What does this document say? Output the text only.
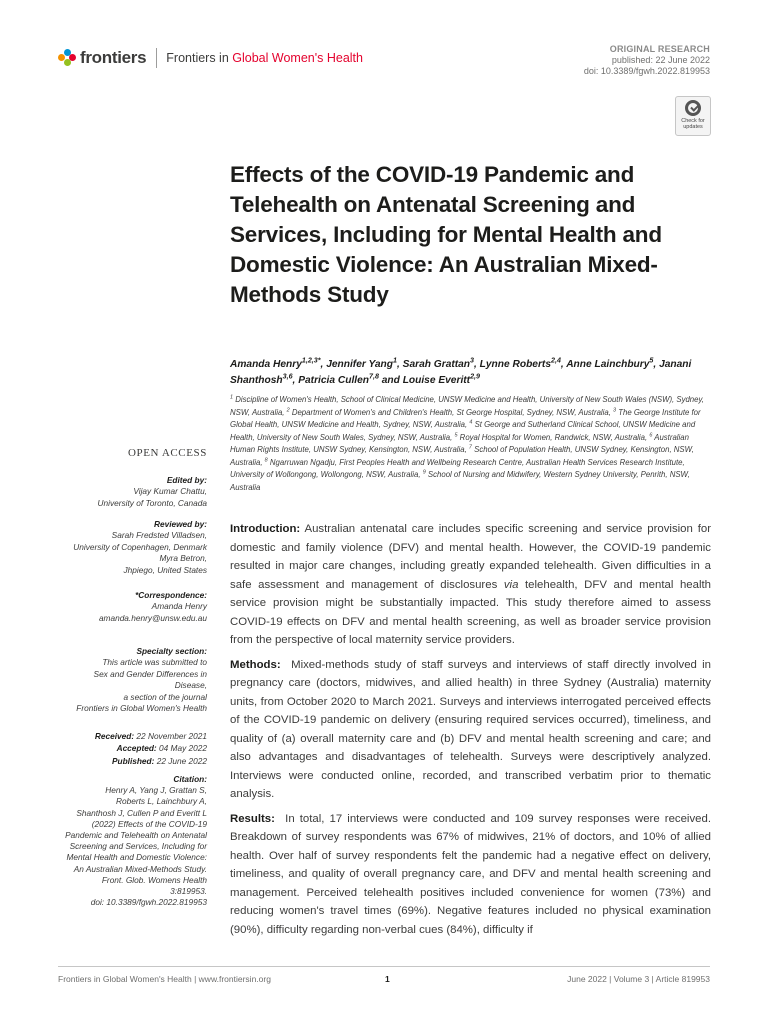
frontiers Frontiers in Global Women's Health
ORIGINAL RESEARCH
published: 22 June 2022
doi: 10.3389/fgwh.2022.819953
Check for updates
Effects of the COVID-19 Pandemic and Telehealth on Antenatal Screening and Services, Including for Mental Health and Domestic Violence: An Australian Mixed-Methods Study
Amanda Henry$^{1,2,3*}$, Jennifer Yang$^1$, Sarah Grattan$^3$, Lynne Roberts$^{2,4}$, Anne Lainchbury$^5$, Janani Shanthosh$^{3,6}$, Patricia Cullen$^{7,8}$ and Louise Everitt$^{2,9}$
$^1$ Discipline of Women's Health, School of Clinical Medicine, UNSW Medicine and Health, University of New South Wales (NSW), Sydney, NSW, Australia, $^2$ Department of Women's and Children's Health, St George Hospital, Sydney, NSW, Australia, $^3$ The George Institute for Global Health, UNSW Medicine and Health, Sydney, NSW, Australia, $^4$ St George and Sutherland Clinical School, UNSW Medicine and Health, University of New South Wales, Sydney, NSW, Australia, $^5$ Royal Hospital for Women, Randwick, NSW, Australia, $^6$ Australian Human Rights Institute, UNSW Sydney, Kensington, NSW, Australia, $^7$ School of Population Health, UNSW Sydney, Kensington, NSW, Australia, $^8$ Ngarruwan Ngadju, First Peoples Health and Wellbeing Research Centre, Australian Health Services Research Institute, University of Wollongong, Wollongong, NSW, Australia, $^9$ School of Nursing and Midwifery, Western Sydney University, Penrith, NSW, Australia
OPEN ACCESS
Edited by:
Vijay Kumar Chattu,
University of Toronto, Canada
Reviewed by:
Sarah Fredsted Villadsen,
University of Copenhagen, Denmark
Myra Betron,
Jhpiego, United States
*Correspondence:
Amanda Henry
amanda.henry@unsw.edu.au
Specialty section:
This article was submitted to
Sex and Gender Differences in
Disease,
a section of the journal
Frontiers in Global Women's Health
Received: 22 November 2021
Accepted: 04 May 2022
Published: 22 June 2022
Citation:
Henry A, Yang J, Grattan S,
Roberts L, Lainchbury A,
Shanthosh J, Cullen P and Everitt L
(2022) Effects of the COVID-19
Pandemic and Telehealth on Antenatal
Screening and Services, Including for
Mental Health and Domestic Violence:
An Australian Mixed-Methods Study.
Front. Glob. Womens Health
3:819953.
doi: 10.3389/fgwh.2022.819953

Introduction: Australian antenatal care includes specific screening and service provision for domestic and family violence (DFV) and mental health. However, the COVID-19 pandemic resulted in major care changes, including greatly expanded telehealth. Given difficulties in a safe assessment and management of disclosures via telehealth, DFV and mental health service provision might be substantially impacted. This study therefore aimed to assess COVID-19 effects on DFV and mental health screening, as well as broader service provision from the perspective of local maternity service providers.

Methods: Mixed-methods study of staff surveys and interviews of staff directly involved in pregnancy care (doctors, midwives, and allied health) in three Sydney (Australia) maternity units, from October 2020 to March 2021. Surveys and interviews interrogated perceived effects of the COVID-19 pandemic on delivery (ensuring required services occurred), timeliness, and quality of (a) overall maternity care and (b) DFV and mental health screening and care; and also advantages and disadvantages of telehealth. Surveys were descriptively analyzed. Interviews were conducted online, recorded, and transcribed verbatim prior to thematic analysis.

Results: In total, 17 interviews were conducted and 109 survey responses were received. Breakdown of survey respondents was 67% of midwives, 21% of doctors, and 10% of allied health. Over half of survey respondents felt the pandemic had a negative effect on delivery, timeliness, and quality of overall pregnancy care, and DFV and mental health screening and management. Perceived telehealth positives included convenience for women (73%) and reducing women's travel times (69%). Negative features included no physical examination (90%), difficulty regarding non-verbal cues (84%), difficulty if

Frontiers in Global Women's Health | www.frontiersin.org	1	June 2022 | Volume 3 | Article 819953
